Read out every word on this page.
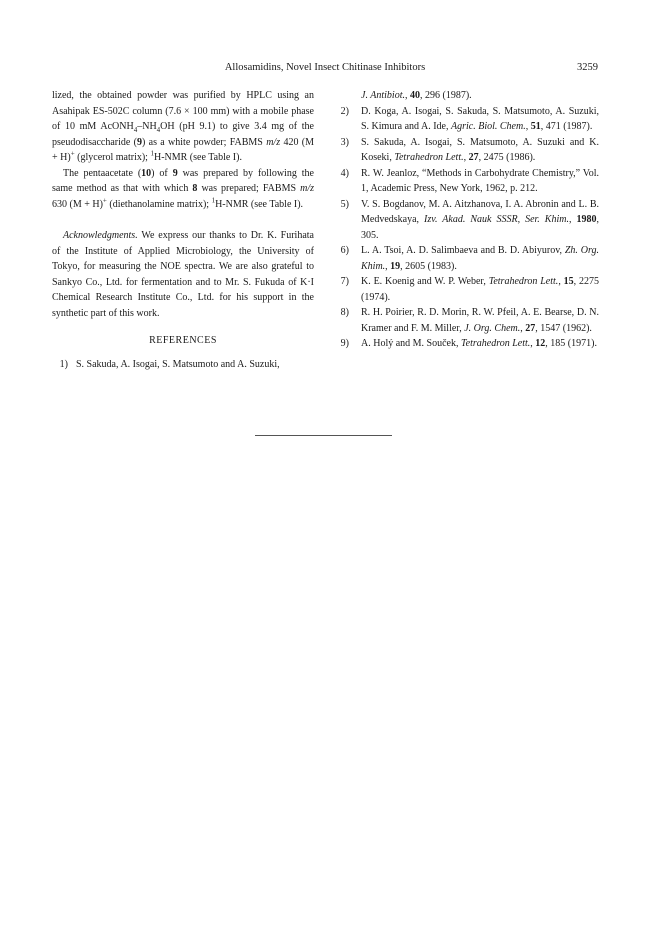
Allosamidins, Novel Insect Chitinase Inhibitors	3259

lized, the obtained powder was purified by HPLC using an Asahipak ES-502C column (7.6 × 100 mm) with a mobile phase of 10 mM $AcONH_4-NH_4OH$ (pH 9.1) to give 3.4 mg of the pseudodisaccharide (9) as a white powder; FABMS m/z 420 (M + H)+ (glycerol matrix); $^1$H-NMR (see Table I).

The pentaacetate (10) of 9 was prepared by following the same method as that with which 8 was prepared; FABMS m/z 630 (M + H)+ (diethanolamine matrix); $^1$H-NMR (see Table I).

Acknowledgments. We express our thanks to Dr. K. Furihata of the Institute of Applied Microbiology, the University of Tokyo, for measuring the NOE spectra. We are also grateful to Sankyo Co., Ltd. for fermentation and to Mr. S. Fukuda of K·I Chemical Research Institute Co., Ltd. for his support in the synthetic part of this work.

REFERENCES
1) S. Sakuda, A. Isogai, S. Matsumoto and A. Suzuki,
J. Antibiot., 40, 296 (1987).
2)	D. Koga, A. Isogai, S. Sakuda, S. Matsumoto, A. Suzuki, S. Kimura and A. Ide, Agric. Biol. Chem., 51, 471 (1987).
3)	S. Sakuda, A. Isogai, S. Matsumoto, A. Suzuki and K. Koseki, Tetrahedron Lett., 27, 2475 (1986).
4)	R. W. Jeanloz, “Methods in Carbohydrate Chemistry,” Vol. 1, Academic Press, New York, 1962, p. 212.
5)	V. S. Bogdanov, M. A. Aitzhanova, I. A. Abronin and L. B. Medvedskaya, Izv. Akad. Nauk SSSR, Ser. Khim., 1980, 305.
6)	L. A. Tsoi, A. D. Salimbaeva and B. D. Abiyurov, Zh. Org. Khim., 19, 2605 (1983).
7)	K. E. Koenig and W. P. Weber, Tetrahedron Lett., 15, 2275 (1974).
8)	R. H. Poirier, R. D. Morin, R. W. Pfeil, A. E. Bearse, D. N. Kramer and F. M. Miller, J. Org. Chem., 27, 1547 (1962).
9)	A. Holý and M. Souček, Tetrahedron Lett., 12, 185 (1971).
